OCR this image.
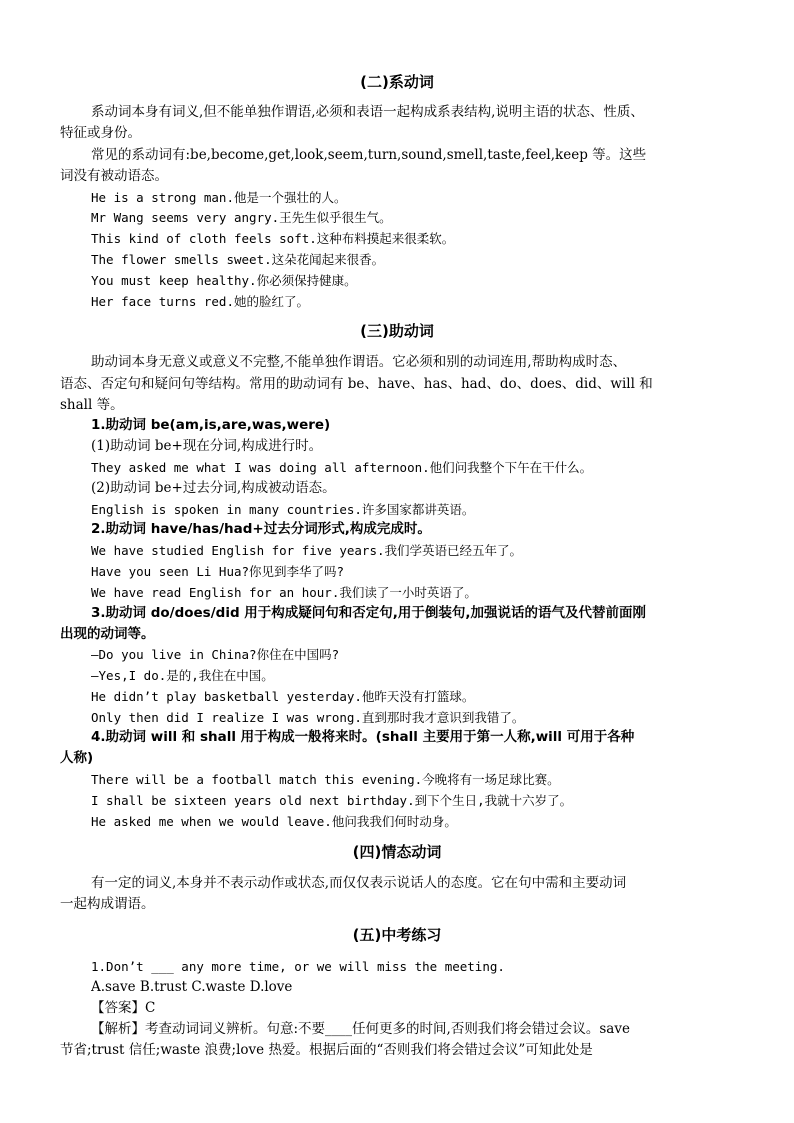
(二)系动词
系动词本身有词义,但不能单独作谓语,必须和表语一起构成系表结构,说明主语的状态、性质、
特征或身份。
常见的系动词有:be,become,get,look,seem,turn,sound,smell,taste,feel,keep 等。这些
词没有被动语态。
He is a strong man.他是一个强壮的人。
Mr Wang seems very angry.王先生似乎很生气。
This kind of cloth feels soft.这种布料摸起来很柔软。
The flower smells sweet.这朵花闻起来很香。
You must keep healthy.你必须保持健康。
Her face turns red.她的脸红了。
(三)助动词
助动词本身无意义或意义不完整,不能单独作谓语。它必须和别的动词连用,帮助构成时态、
语态、否定句和疑问句等结构。常用的助动词有 be、have、has、had、do、does、did、will 和
shall 等。
1.助动词 be(am,is,are,was,were)
(1)助动词 be+现在分词,构成进行时。
They asked me what I was doing all afternoon.他们问我整个下午在干什么。
(2)助动词 be+过去分词,构成被动语态。
English is spoken in many countries.许多国家都讲英语。
2.助动词 have/has/had+过去分词形式,构成完成时。
We have studied English for five years.我们学英语已经五年了。
Have you seen Li Hua?你见到李华了吗?
We have read English for an hour.我们读了一小时英语了。
3.助动词 do/does/did 用于构成疑问句和否定句,用于倒装句,加强说话的语气及代替前面刚
出现的动词等。
—Do you live in China?你住在中国吗?
—Yes,I do.是的,我住在中国。
He didn’t play basketball yesterday.他昨天没有打篮球。
Only then did I realize I was wrong.直到那时我才意识到我错了。
4.助动词 will 和 shall 用于构成一般将来时。(shall 主要用于第一人称,will 可用于各种
人称)
There will be a football match this evening.今晚将有一场足球比赛。
I shall be sixteen years old next birthday.到下个生日,我就十六岁了。
He asked me when we would leave.他问我我们何时动身。
(四)情态动词
有一定的词义,本身并不表示动作或状态,而仅仅表示说话人的态度。它在句中需和主要动词
一起构成谓语。
(五)中考练习
1.Don’t ___ any more time, or we will miss the meeting.
A.save B.trust C.waste D.love
【答案】C
【解析】考查动词词义辨析。句意:不要____任何更多的时间,否则我们将会错过会议。save
节省;trust 信任;waste 浪费;love 热爱。根据后面的“否则我们将会错过会议”可知此处是
